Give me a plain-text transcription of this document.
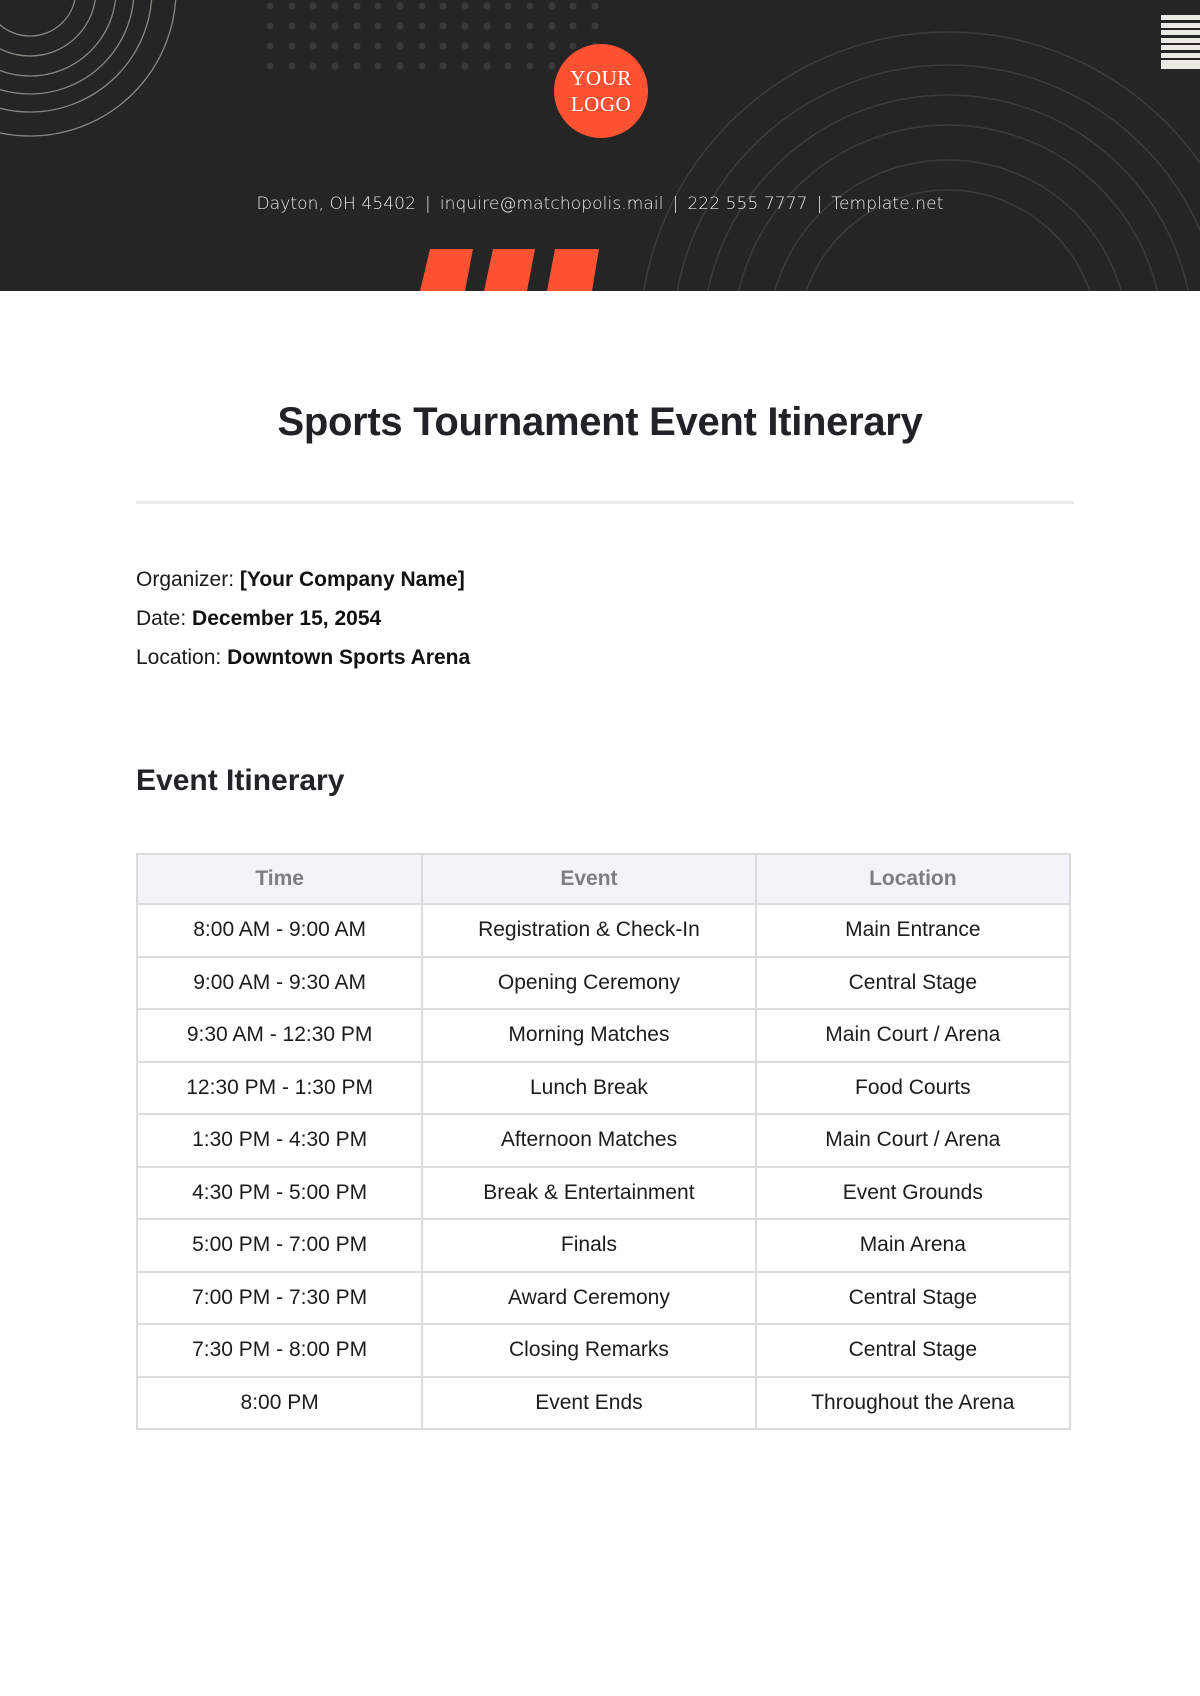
YOUR
LOGO
Dayton, OH 45402 | inquire@matchopolis.mail | 222 555 7777 | Template.net
Sports Tournament Event Itinerary
Organizer: [Your Company Name]
Date: December 15, 2054
Location: Downtown Sports Arena
Event Itinerary
Time	Event	Location
8:00 AM - 9:00 AM	Registration & Check-In	Main Entrance
9:00 AM - 9:30 AM	Opening Ceremony	Central Stage
9:30 AM - 12:30 PM	Morning Matches	Main Court / Arena
12:30 PM - 1:30 PM	Lunch Break	Food Courts
1:30 PM - 4:30 PM	Afternoon Matches	Main Court / Arena
4:30 PM - 5:00 PM	Break & Entertainment	Event Grounds
5:00 PM - 7:00 PM	Finals	Main Arena
7:00 PM - 7:30 PM	Award Ceremony	Central Stage
7:30 PM - 8:00 PM	Closing Remarks	Central Stage
8:00 PM	Event Ends	Throughout the Arena
